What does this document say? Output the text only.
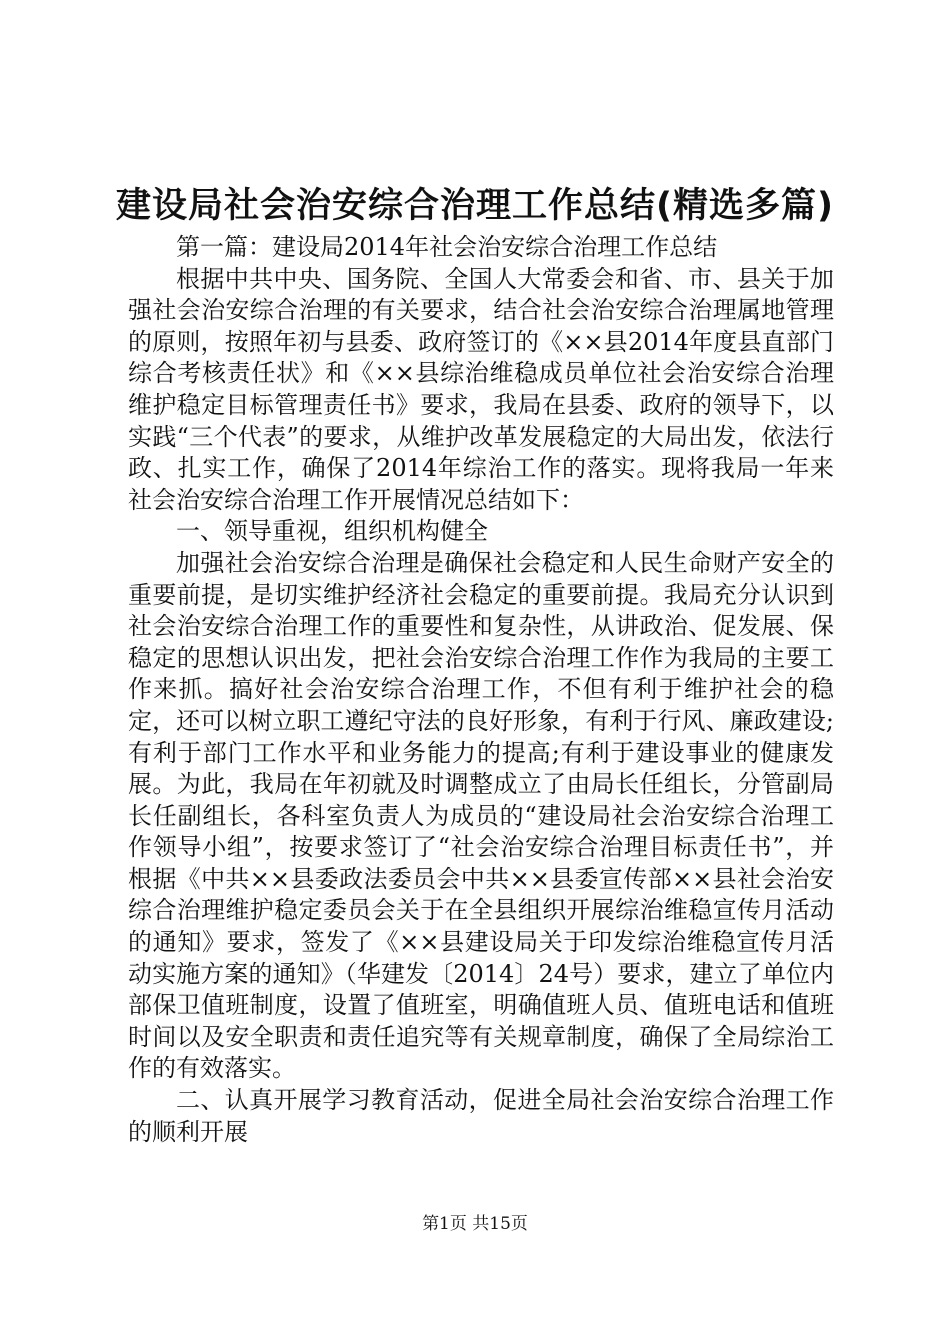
建设局社会治安综合治理工作总结(精选多篇)

第一篇：建设局2014年社会治安综合治理工作总结

根据中共中央、国务院、全国人大常委会和省、市、县关于加强社会治安综合治理的有关要求，结合社会治安综合治理属地管理的原则，按照年初与县委、政府签订的《××县2014年度县直部门综合考核责任状》和《××县综治维稳成员单位社会治安综合治理维护稳定目标管理责任书》要求，我局在县委、政府的领导下，以实践“三个代表”的要求，从维护改革发展稳定的大局出发，依法行政、扎实工作，确保了2014年综治工作的落实。现将我局一年来社会治安综合治理工作开展情况总结如下：

一、领导重视，组织机构健全

加强社会治安综合治理是确保社会稳定和人民生命财产安全的重要前提，是切实维护经济社会稳定的重要前提。我局充分认识到社会治安综合治理工作的重要性和复杂性，从讲政治、促发展、保稳定的思想认识出发，把社会治安综合治理工作作为我局的主要工作来抓。搞好社会治安综合治理工作，不但有利于维护社会的稳定，还可以树立职工遵纪守法的良好形象，有利于行风、廉政建设;有利于部门工作水平和业务能力的提高;有利于建设事业的健康发展。为此，我局在年初就及时调整成立了由局长任组长，分管副局长任副组长，各科室负责人为成员的“建设局社会治安综合治理工作领导小组”，按要求签订了“社会治安综合治理目标责任书”，并根据《中共××县委政法委员会中共××县委宣传部××县社会治安综合治理维护稳定委员会关于在全县组织开展综治维稳宣传月活动的通知》要求，签发了《××县建设局关于印发综治维稳宣传月活动实施方案的通知》（华建发〔2014〕24号）要求，建立了单位内部保卫值班制度，设置了值班室，明确值班人员、值班电话和值班时间以及安全职责和责任追究等有关规章制度，确保了全局综治工作的有效落实。

二、认真开展学习教育活动，促进全局社会治安综合治理工作的顺利开展

第1页 共15页
